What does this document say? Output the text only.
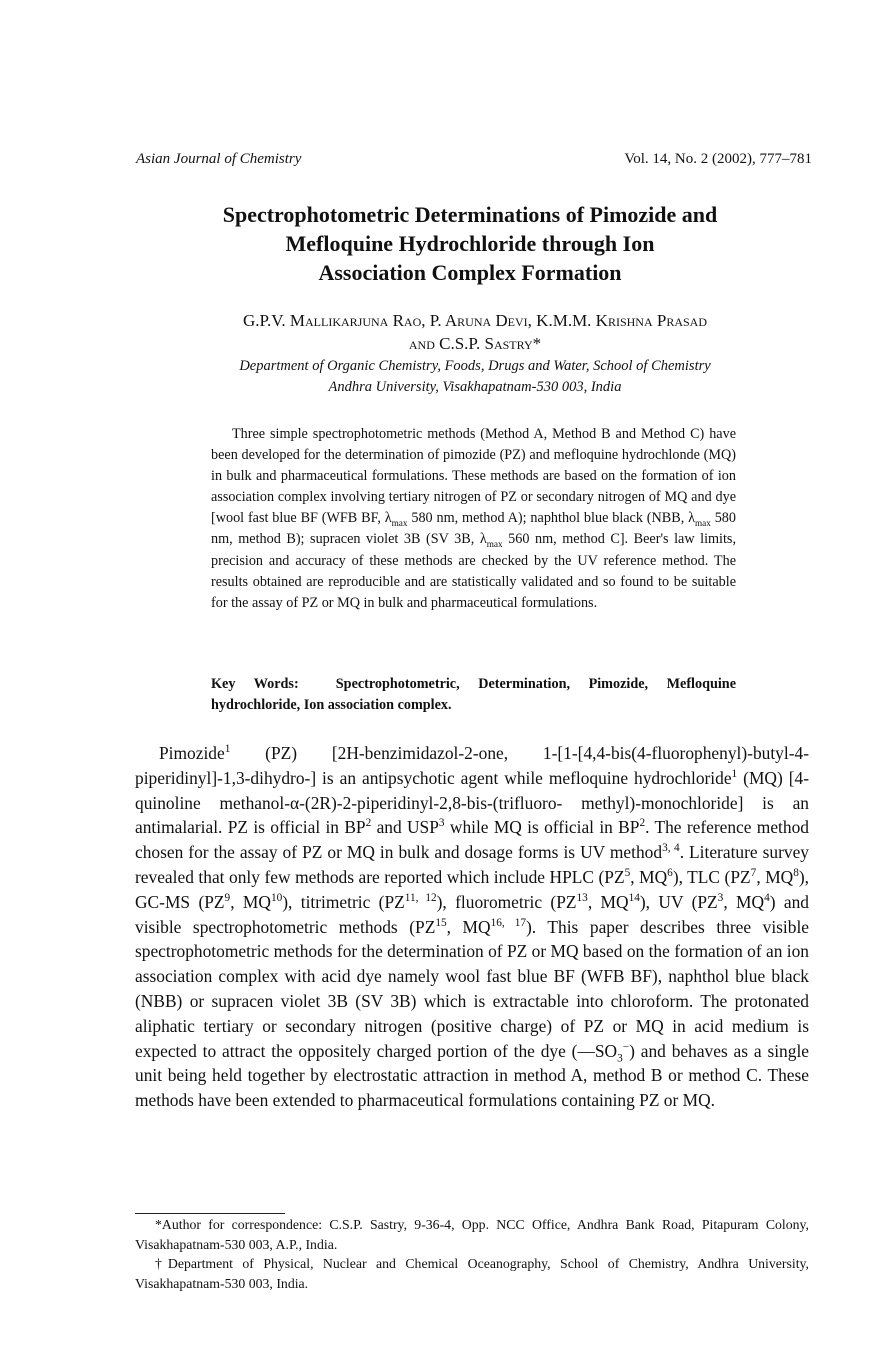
Asian Journal of Chemistry	Vol. 14, No. 2 (2002), 777–781
Spectrophotometric Determinations of Pimozide and
Mefloquine Hydrochloride through Ion
Association Complex Formation
G.P.V. Mallikarjuna Rao, P. Aruna Devi, K.M.M. Krishna Prasad
and C.S.P. Sastry*
Department of Organic Chemistry, Foods, Drugs and Water, School of Chemistry
Andhra University, Visakhapatnam-530 003, India

Three simple spectrophotometric methods (Method A, Method B and Method C) have been developed for the determination of pimozide (PZ) and mefloquine hydrochlonde (MQ) in bulk and pharmaceutical formulations. These methods are based on the formation of ion association complex involving tertiary nitrogen of PZ or secondary nitrogen of MQ and dye [wool fast blue BF (WFB BF, $\lambda_{max}$ 580 nm, method A); naphthol blue black (NBB, $\lambda_{max}$ 580 nm, method B); supracen violet 3B (SV 3B, $\lambda_{max}$ 560 nm, method C]. Beer's law limits, precision and accuracy of these methods are checked by the UV reference method. The results obtained are reproducible and are statistically validated and so found to be suitable for the assay of PZ or MQ in bulk and pharmaceutical formulations.

Key Words:	Spectrophotometric, Determination, Pimozide, Mefloquine hydrochloride, Ion association complex.

Pimozide$^1$ (PZ) [2H-benzimidazol-2-one, 1-[1-[4,4-bis(4-fluorophenyl)-butyl-4-piperidinyl]-1,3-dihydro-] is an antipsychotic agent while mefloquine hydrochloride$^1$ (MQ) [4-quinoline methanol-α-(2R)-2-piperidinyl-2,8-bis-(trifluoro- methyl)-monochloride] is an antimalarial. PZ is official in $BP^2$ and USP$^3$ while MQ is official in $BP^2$. The reference method chosen for the assay of PZ or MQ in bulk and dosage forms is UV method$^{3, 4}$. Literature survey revealed that only few methods are reported which include HPLC ($PZ^5$, $MQ^6$), TLC ($PZ^7$, $MQ^8$), GC-MS ($PZ^9$, MQ$^{10}$), titrimetric (PZ$^{11, 12}$), fluorometric (PZ$^{13}$, MQ$^{14}$), UV ($PZ^3$, $MQ^4$) and visible spectrophotometric methods (PZ$^{15}$, MQ$^{16, 17}$). This paper describes three visible spectrophotometric methods for the determination of PZ or MQ based on the formation of an ion association complex with acid dye namely wool fast blue BF (WFB BF), naphthol blue black (NBB) or supracen violet 3B (SV 3B) which is extractable into chloroform. The protonated aliphatic tertiary or secondary nitrogen (positive charge) of PZ or MQ in acid medium is expected to attract the oppositely charged portion of the dye $(—SO_3^-)$ and behaves as a single unit being held together by electrostatic attraction in method A, method B or method C. These methods have been extended to pharmaceutical formulations containing PZ or MQ.

*Author for correspondence: C.S.P. Sastry, 9-36-4, Opp. NCC Office, Andhra Bank Road, Pitapuram Colony, Visakhapatnam-530 003, A.P., India.

†Department of Physical, Nuclear and Chemical Oceanography, School of Chemistry, Andhra University, Visakhapatnam-530 003, India.
